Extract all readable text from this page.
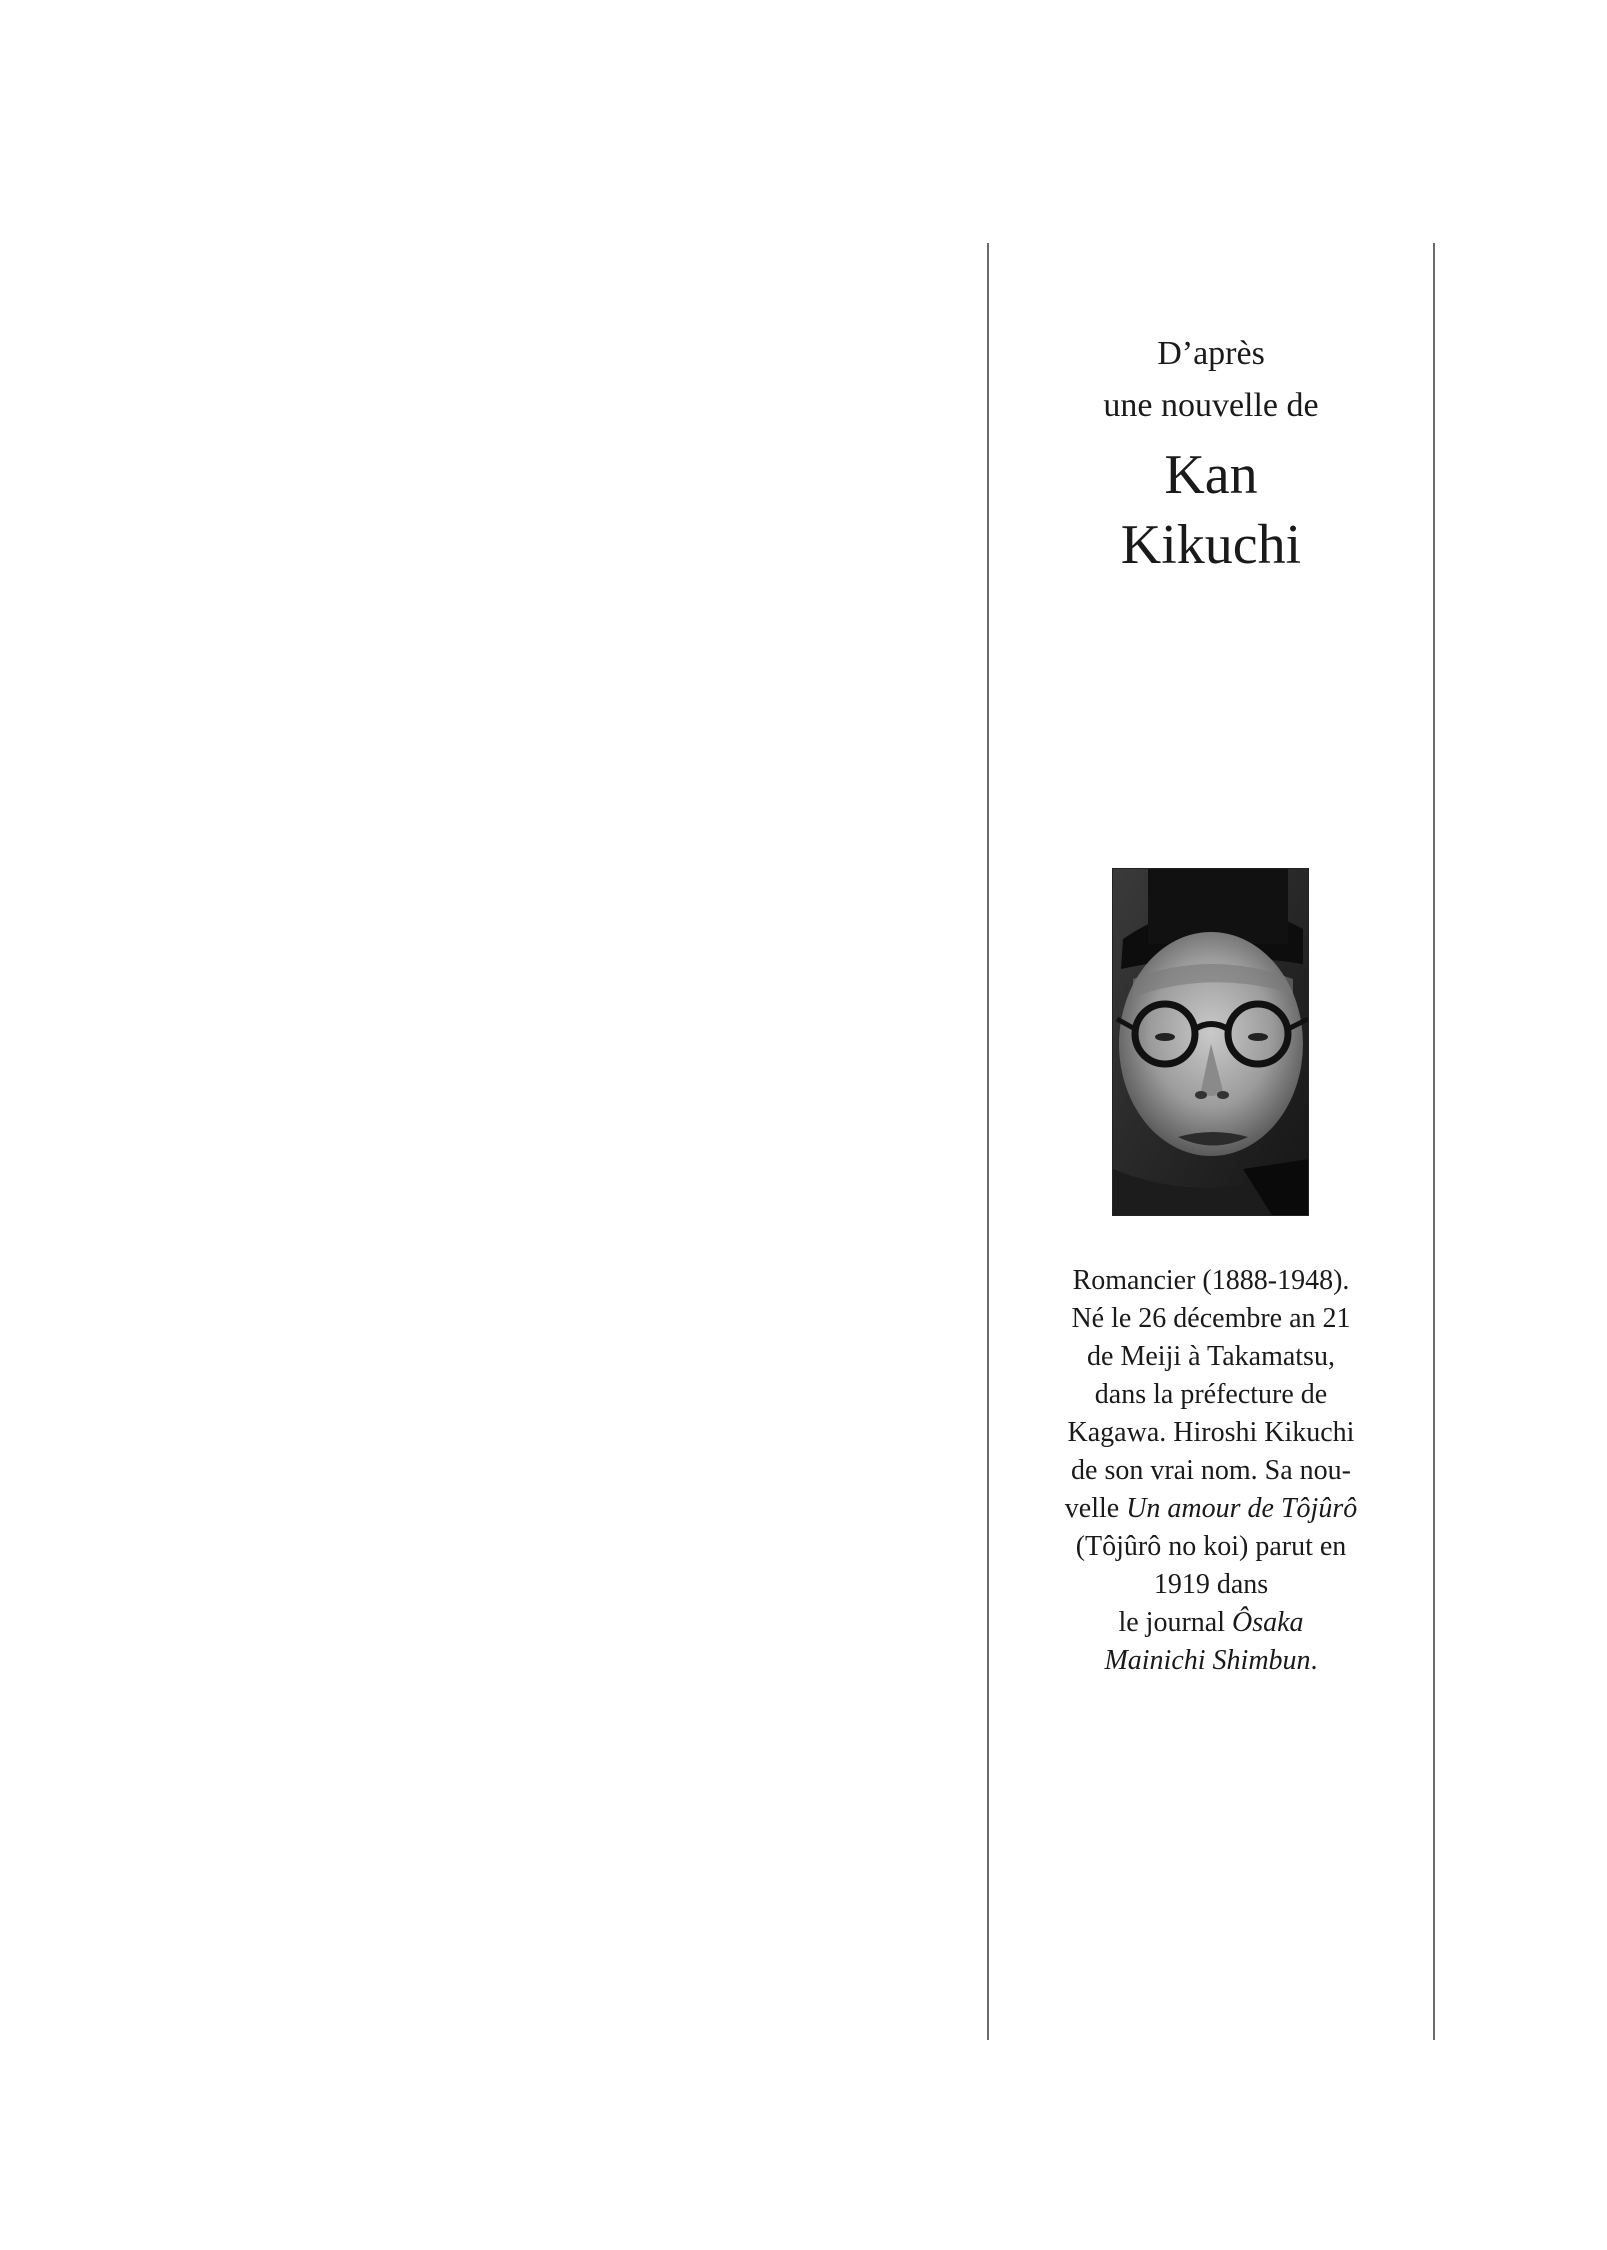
D’après
une nouvelle de
Kan
Kikuchi
Romancier (1888-1948).
Né le 26 décembre an 21
de Meiji à Takamatsu,
dans la préfecture de
Kagawa. Hiroshi Kikuchi
de son vrai nom. Sa nou-
velle Un amour de Tôjûrô
(Tôjûrô no koi) parut en
1919 dans
le journal Ôsaka
Mainichi Shimbun.
